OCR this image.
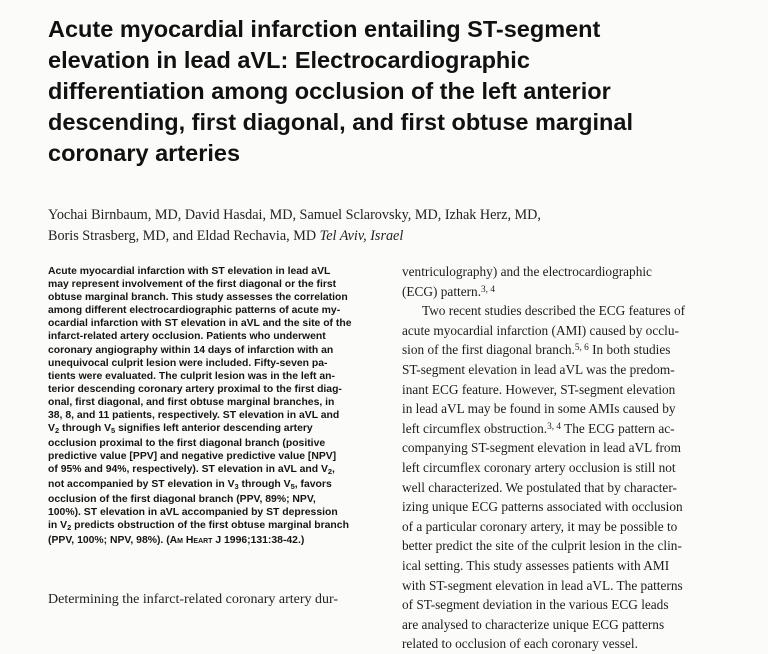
Acute myocardial infarction entailing ST-segment
elevation in lead aVL: Electrocardiographic
differentiation among occlusion of the left anterior
descending, first diagonal, and first obtuse marginal
coronary arteries
Yochai Birnbaum, MD, David Hasdai, MD, Samuel Sclarovsky, MD, Izhak Herz, MD,
Boris Strasberg, MD, and Eldad Rechavia, MD Tel Aviv, Israel
Acute myocardial infarction with ST elevation in lead aVL
may represent involvement of the first diagonal or the first
obtuse marginal branch. This study assesses the correlation
among different electrocardiographic patterns of acute my-
ocardial infarction with ST elevation in aVL and the site of the
infarct-related artery occlusion. Patients who underwent
coronary angiography within 14 days of infarction with an
unequivocal culprit lesion were included. Fifty-seven pa-
tients were evaluated. The culprit lesion was in the left an-
terior descending coronary artery proximal to the first diag-
onal, first diagonal, and first obtuse marginal branches, in
38, 8, and 11 patients, respectively. ST elevation in aVL and
$V_2$ through $V_5$ signifies left anterior descending artery
occlusion proximal to the first diagonal branch (positive
predictive value [PPV] and negative predictive value [NPV]
of 95% and 94%, respectively). ST elevation in aVL and $V_2$,
not accompanied by ST elevation in $V_3$ through $V_5$, favors
occlusion of the first diagonal branch (PPV, 89%; NPV,
100%). ST elevation in aVL accompanied by ST depression
in $V_2$ predicts obstruction of the first obtuse marginal branch
(PPV, 100%; NPV, 98%). (Am Heart J 1996;131:38-42.)
Determining the infarct-related coronary artery dur-

ventriculography) and the electrocardiographic
(ECG) pattern.$^{3, 4}$

Two recent studies described the ECG features of
acute myocardial infarction (AMI) caused by occlu-
sion of the first diagonal branch.$^{5, 6}$ In both studies
ST-segment elevation in lead aVL was the predom-
inant ECG feature. However, ST-segment elevation
in lead aVL may be found in some AMIs caused by
left circumflex obstruction.$^{3, 4}$ The ECG pattern ac-
companying ST-segment elevation in lead aVL from
left circumflex coronary artery occlusion is still not
well characterized. We postulated that by character-
izing unique ECG patterns associated with occlusion
of a particular coronary artery, it may be possible to
better predict the site of the culprit lesion in the clin-
ical setting. This study assesses patients with AMI
with ST-segment elevation in lead aVL. The patterns
of ST-segment deviation in the various ECG leads
are analysed to characterize unique ECG patterns
related to occlusion of each coronary vessel.
